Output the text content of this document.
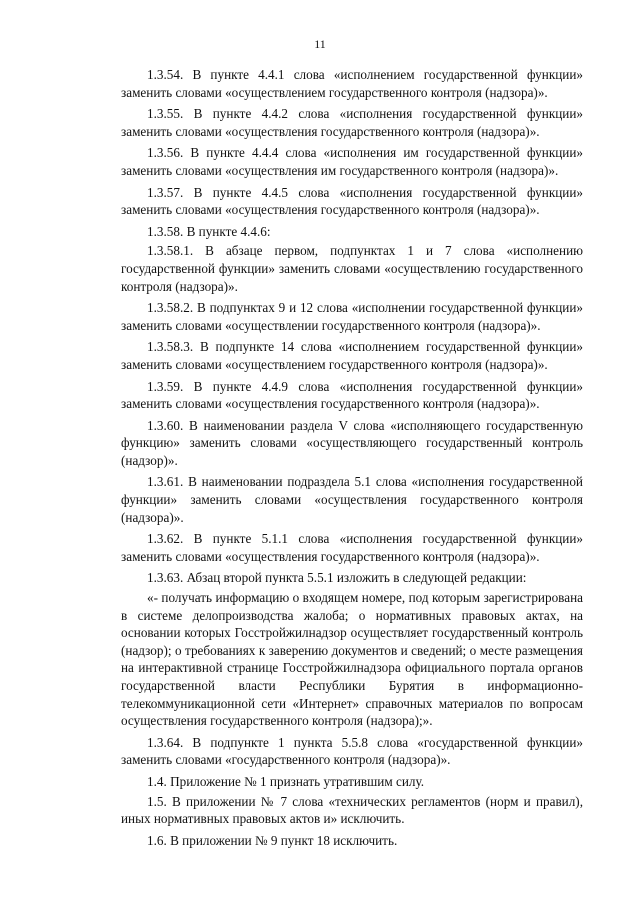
11

1.3.54. В пункте 4.4.1 слова «исполнением государственной функции» заменить словами «осуществлением государственного контроля (надзора)».

1.3.55. В пункте 4.4.2 слова «исполнения государственной функции» заменить словами «осуществления государственного контроля (надзора)».

1.3.56. В пункте 4.4.4 слова «исполнения им государственной функции» заменить словами «осуществления им государственного контроля (надзора)».

1.3.57. В пункте 4.4.5 слова «исполнения государственной функции» заменить словами «осуществления государственного контроля (надзора)».

1.3.58. В пункте 4.4.6:

1.3.58.1. В абзаце первом, подпунктах 1 и 7 слова «исполнению государственной функции» заменить словами «осуществлению государственного контроля (надзора)».

1.3.58.2. В подпунктах 9 и 12 слова «исполнении государственной функции» заменить словами «осуществлении государственного контроля (надзора)».

1.3.58.3. В подпункте 14 слова «исполнением государственной функции» заменить словами «осуществлением государственного контроля (надзора)».

1.3.59. В пункте 4.4.9 слова «исполнения государственной функции» заменить словами «осуществления государственного контроля (надзора)».

1.3.60. В наименовании раздела V слова «исполняющего государственную функцию» заменить словами «осуществляющего государственный контроль (надзор)».

1.3.61. В наименовании подраздела 5.1 слова «исполнения государственной функции» заменить словами «осуществления государственного контроля (надзора)».

1.3.62. В пункте 5.1.1 слова «исполнения государственной функции» заменить словами «осуществления государственного контроля (надзора)».

1.3.63. Абзац второй пункта 5.5.1 изложить в следующей редакции:

«- получать информацию о входящем номере, под которым зарегистрирована в системе делопроизводства жалоба; о нормативных правовых актах, на основании которых Госстройжилнадзор осуществляет государственный контроль (надзор); о требованиях к заверению документов и сведений; о месте размещения на интерактивной странице Госстройжилнадзора официального портала органов государственной власти Республики Бурятия в информационно-телекоммуникационной сети «Интернет» справочных материалов по вопросам осуществления государственного контроля (надзора);».

1.3.64. В подпункте 1 пункта 5.5.8 слова «государственной функции» заменить словами «государственного контроля (надзора)».

1.4. Приложение № 1 признать утратившим силу.

1.5. В приложении № 7 слова «технических регламентов (норм и правил), иных нормативных правовых актов и» исключить.

1.6. В приложении № 9 пункт 18 исключить.
